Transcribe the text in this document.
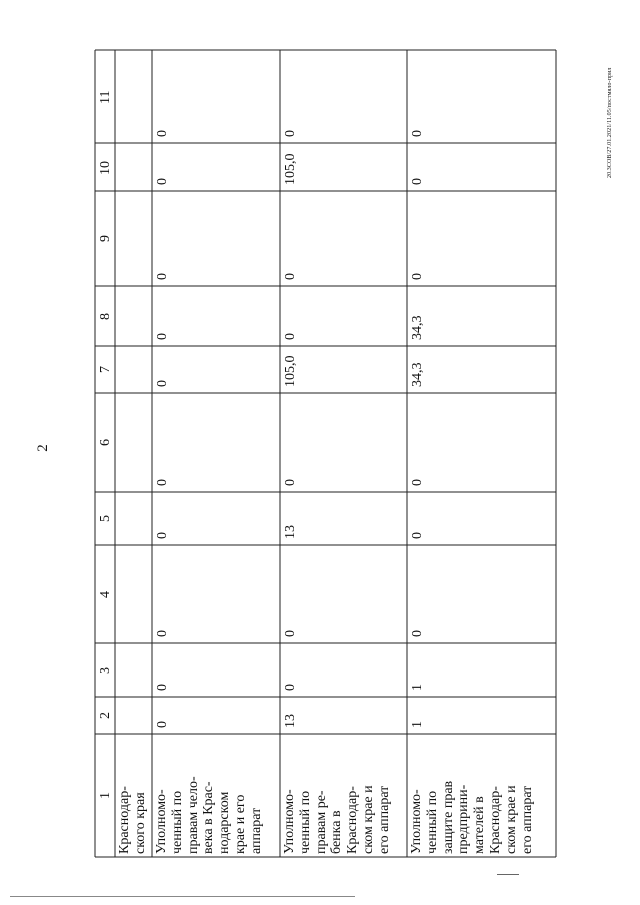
2
20.3СОВ/27.01.2021/11.05/постмяло-прил
1
2
3
4
5
6
7
8
9
10
11
Краснодар- ского края Уполномо- ченный по правам чело- века в Крас- нодарском крае и его аппарат
0
0
0
0
0
0
0
0
0
0
Уполномо- ченный по правам ре- бенка в Краснодар- ском крае и его аппарат
13
0
0
13
0
105,0
0
0
105,0
0
Уполномо- ченный по защите прав предприни- мателей в Краснодар- ском крае и его аппарат
1
1
0
0
0
34,3
34,3
0
0
0
